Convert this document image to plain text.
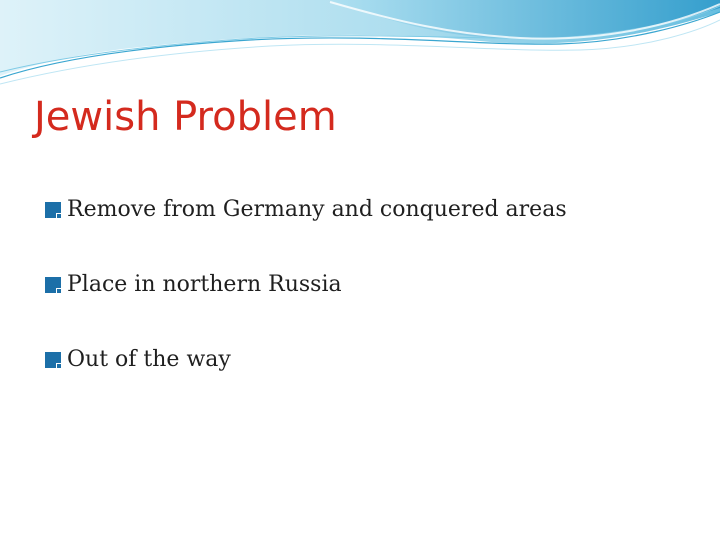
Jewish Problem
Remove from Germany and conquered areas
Place in northern Russia
Out of the way
